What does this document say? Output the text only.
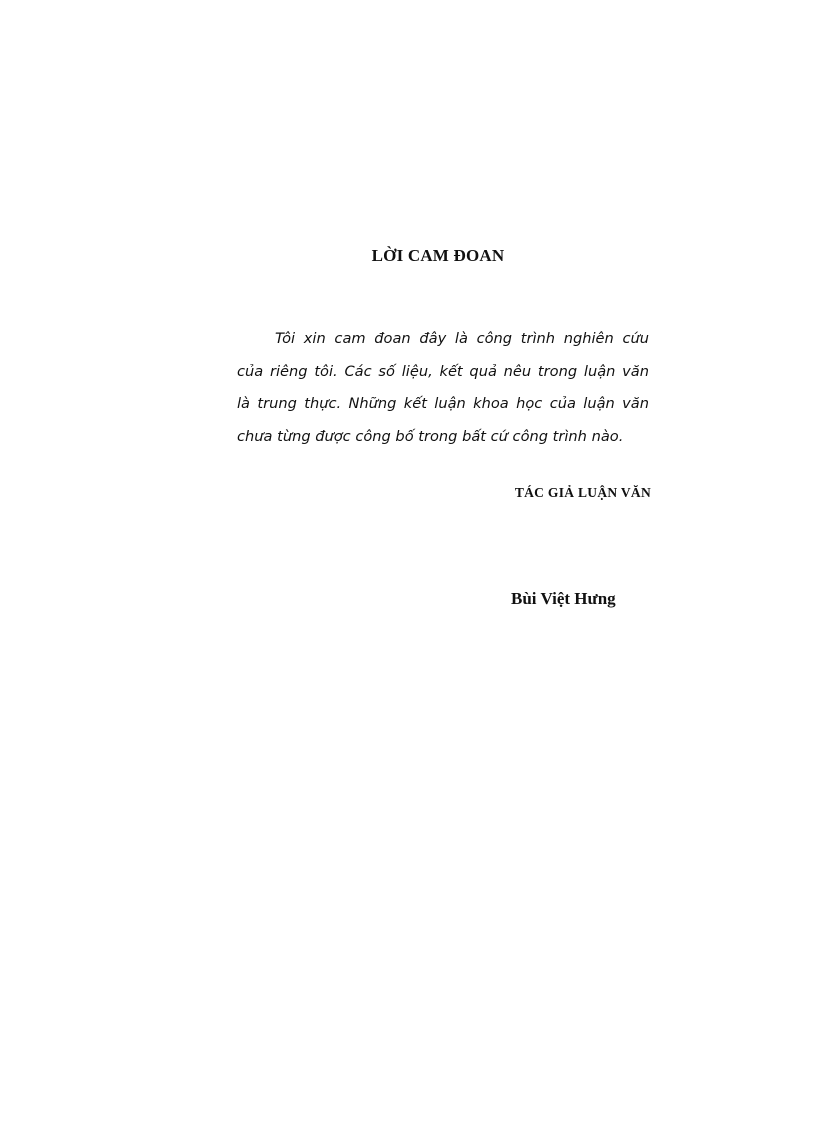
LỜI CAM ĐOAN
Tôi xin cam đoan đây là công trình nghiên cứu
của riêng tôi. Các số liệu, kết quả nêu trong luận văn
là trung thực. Những kết luận khoa học của luận văn
chưa từng được công bố trong bất cứ công trình nào.
TÁC GIẢ LUẬN VĂN
Bùi Việt Hưng
